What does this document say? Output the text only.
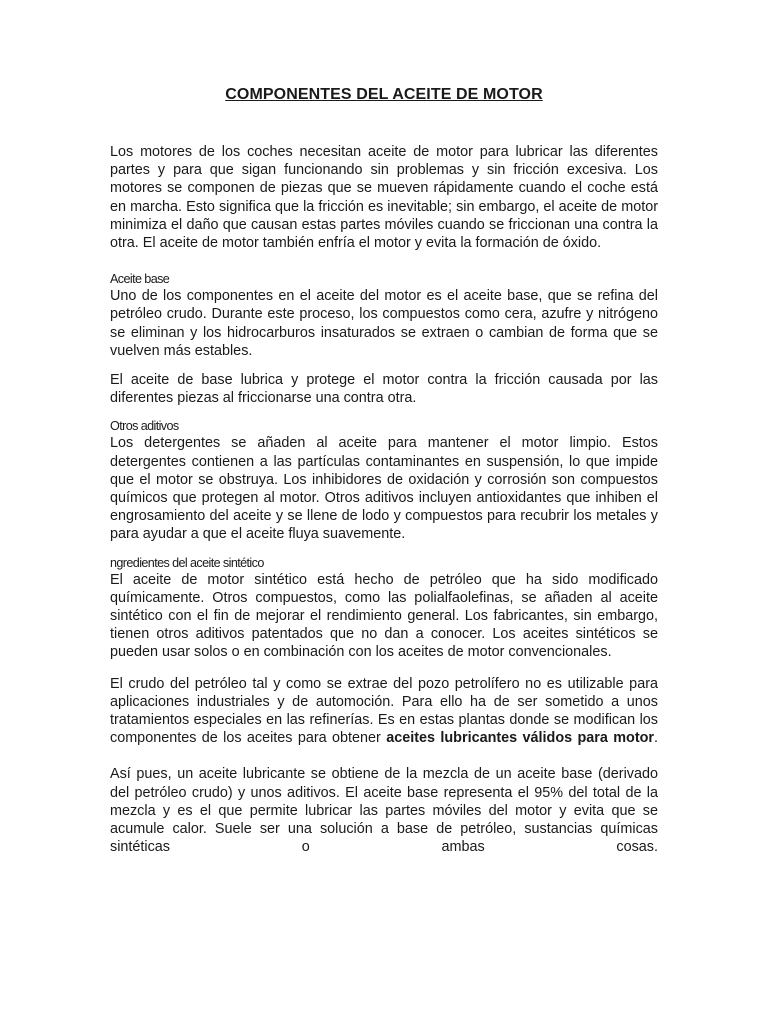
COMPONENTES DEL ACEITE DE MOTOR

Los motores de los coches necesitan aceite de motor para lubricar las diferentes partes y para que sigan funcionando sin problemas y sin fricción excesiva. Los motores se componen de piezas que se mueven rápidamente cuando el coche está en marcha. Esto significa que la fricción es inevitable; sin embargo, el aceite de motor minimiza el daño que causan estas partes móviles cuando se friccionan una contra la otra. El aceite de motor también enfría el motor y evita la formación de óxido.

Aceite base

Uno de los componentes en el aceite del motor es el aceite base, que se refina del petróleo crudo. Durante este proceso, los compuestos como cera, azufre y nitrógeno se eliminan y los hidrocarburos insaturados se extraen o cambian de forma que se vuelven más estables.

El aceite de base lubrica y protege el motor contra la fricción causada por las diferentes piezas al friccionarse una contra otra.

Otros aditivos

Los detergentes se añaden al aceite para mantener el motor limpio. Estos detergentes contienen a las partículas contaminantes en suspensión, lo que impide que el motor se obstruya. Los inhibidores de oxidación y corrosión son compuestos químicos que protegen al motor. Otros aditivos incluyen antioxidantes que inhiben el engrosamiento del aceite y se llene de lodo y compuestos para recubrir los metales y para ayudar a que el aceite fluya suavemente.

ngredientes del aceite sintético

El aceite de motor sintético está hecho de petróleo que ha sido modificado químicamente. Otros compuestos, como las polialfaolefinas, se añaden al aceite sintético con el fin de mejorar el rendimiento general. Los fabricantes, sin embargo, tienen otros aditivos patentados que no dan a conocer. Los aceites sintéticos se pueden usar solos o en combinación con los aceites de motor convencionales.

El crudo del petróleo tal y como se extrae del pozo petrolífero no es utilizable para aplicaciones industriales y de automoción. Para ello ha de ser sometido a unos tratamientos especiales en las refinerías. Es en estas plantas donde se modifican los componentes de los aceites para obtener aceites lubricantes válidos para motor.

Así pues, un aceite lubricante se obtiene de la mezcla de un aceite base (derivado del petróleo crudo) y unos aditivos. El aceite base representa el 95% del total de la mezcla y es el que permite lubricar las partes móviles del motor y evita que se acumule calor. Suele ser una solución a base de petróleo, sustancias químicas sintéticas o ambas cosas.
